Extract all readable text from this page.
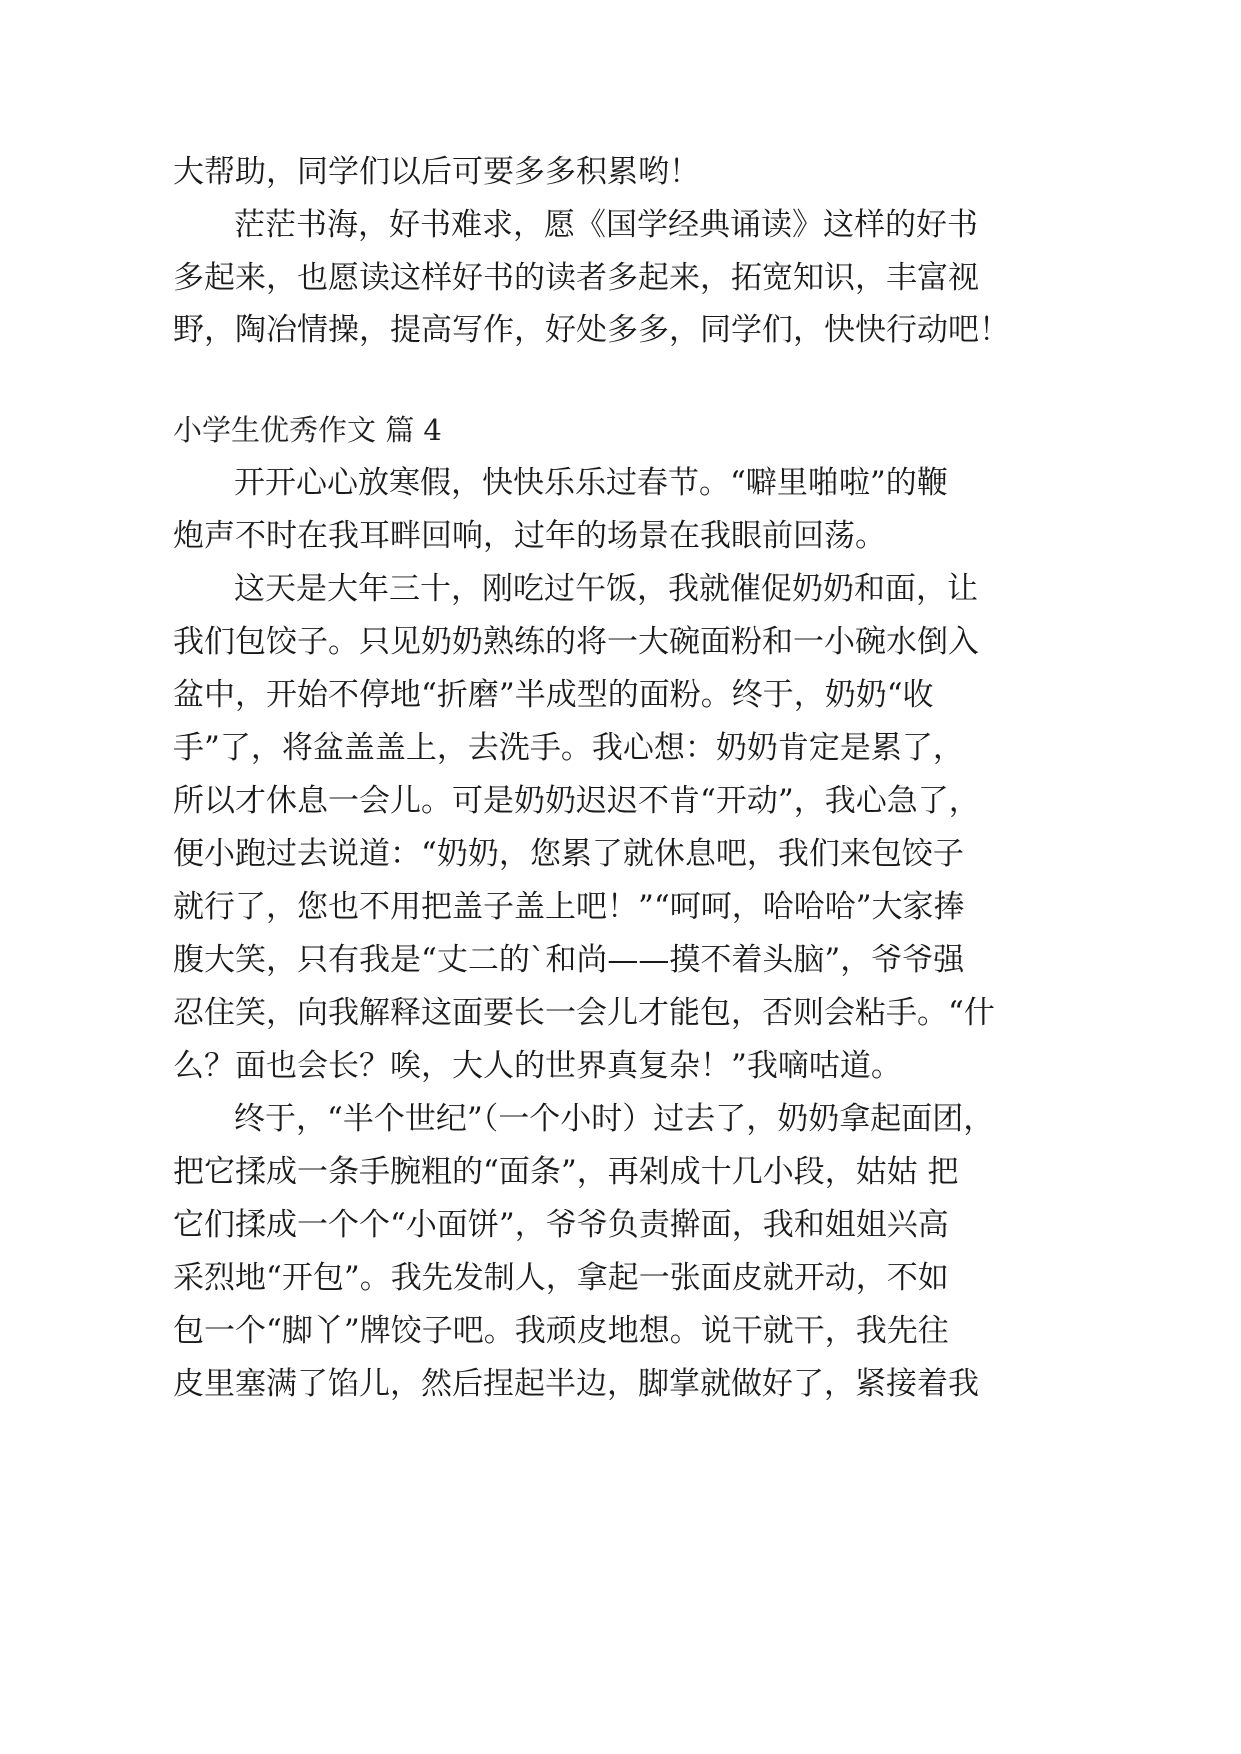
大帮助，同学们以后可要多多积累哟！
茫茫书海，好书难求，愿《国学经典诵读》这样的好书
多起来，也愿读这样好书的读者多起来，拓宽知识，丰富视
野，陶冶情操，提高写作，好处多多，同学们，快快行动吧！
小学生优秀作文 篇 4
开开心心放寒假，快快乐乐过春节。“噼里啪啦”的鞭
炮声不时在我耳畔回响，过年的场景在我眼前回荡。
这天是大年三十，刚吃过午饭，我就催促奶奶和面，让
我们包饺子。只见奶奶熟练的将一大碗面粉和一小碗水倒入
盆中，开始不停地“折磨”半成型的面粉。终于，奶奶“收
手”了，将盆盖盖上，去洗手。我心想：奶奶肯定是累了，
所以才休息一会儿。可是奶奶迟迟不肯“开动”，我心急了，
便小跑过去说道：“奶奶，您累了就休息吧，我们来包饺子
就行了，您也不用把盖子盖上吧！”“呵呵，哈哈哈”大家捧
腹大笑，只有我是“丈二的`和尚——摸不着头脑”，爷爷强
忍住笑，向我解释这面要长一会儿才能包，否则会粘手。“什
么？面也会长？唉，大人的世界真复杂！”我嘀咕道。
终于，“半个世纪”（一个小时）过去了，奶奶拿起面团，
把它揉成一条手腕粗的“面条”，再剁成十几小段，姑姑 把
它们揉成一个个“小面饼”，爷爷负责擀面，我和姐姐兴高
采烈地“开包”。我先发制人，拿起一张面皮就开动，不如
包一个“脚丫”牌饺子吧。我顽皮地想。说干就干，我先往
皮里塞满了馅儿，然后捏起半边，脚掌就做好了，紧接着我
